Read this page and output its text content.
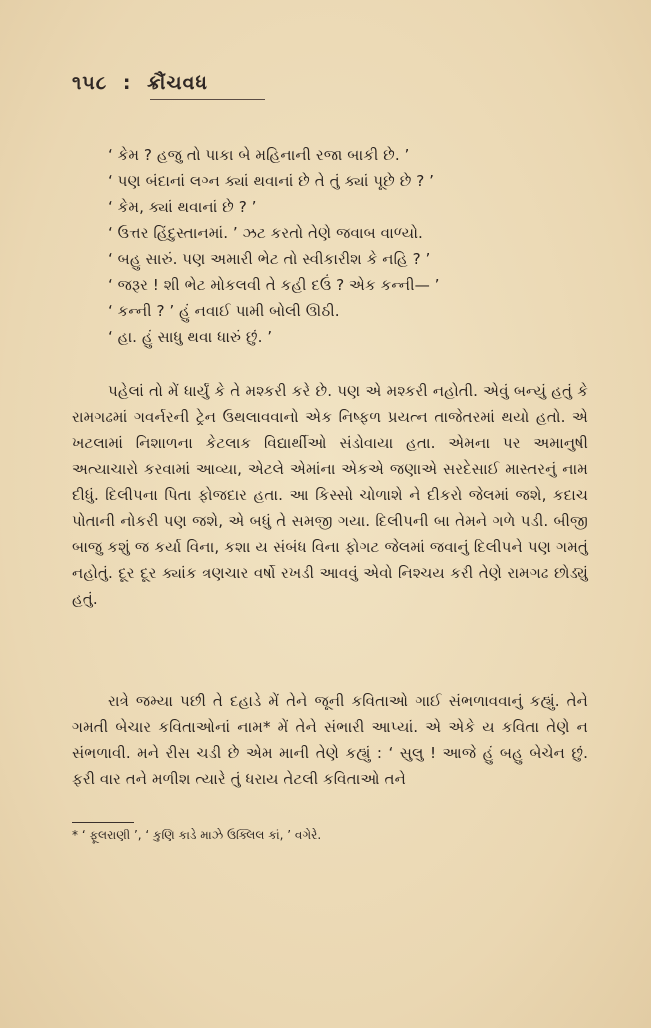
૧૫૮ : ક્રૌંચવધ

‘ કેમ ? હજુ તો પાકા બે મહિનાની રજા બાકી છે. ’

‘ પણ બંદાનાં લગ્ન ક્યાં થવાનાં છે તે તું ક્યાં પૂછે છે ? ’

‘ કેમ, ક્યાં થવાનાં છે ? ’

‘ ઉત્તર હિંદુસ્તાનમાં. ’ ઝટ કરતો તેણે જવાબ વાળ્યો.

‘ બહુ સારું. પણ અમારી ભેટ તો સ્વીકારીશ કે નહિ ? ’

‘ જરૂર ! શી ભેટ મોકલવી તે કહી દઉં ? એક કન્ની— ’

‘ કન્ની ? ’ હું નવાઈ પામી બોલી ઊઠી.

‘ હા. હું સાધુ થવા ધારું છું. ’

પહેલાં તો મેં ધાર્યું કે તે મશ્કરી કરે છે. પણ એ મશ્કરી નહોતી. એવું બન્યું હતું કે રામગઢમાં ગવર્નરની ટ્રેન ઉથલાવવાનો એક નિષ્ફળ પ્રયત્ન તાજેતરમાં થયો હતો. એ ખટલામાં નિશાળના કેટલાક વિદ્યાર્થીઓ સંડોવાયા હતા. એમના પર અમાનુષી અત્યાચારો કરવામાં આવ્યા, એટલે એમાંના એકએ જણાએ સરદેસાઈ માસ્તરનું નામ દીધું. દિલીપના પિતા ફોજદાર હતા. આ કિસ્સો ચોળાશે ને દીકરો જેલમાં જશે, કદાચ પોતાની નોકરી પણ જશે, એ બધું તે સમજી ગયા. દિલીપની બા તેમને ગળે પડી. બીજી બાજુ કશું જ કર્યા વિના, કશા ય સંબંધ વિના ફોગટ જેલમાં જવાનું દિલીપને પણ ગમતું નહોતું. દૂર દૂર ક્યાંક ત્રણચાર વર્ષો રખડી આવવું એવો નિશ્ચય કરી તેણે રામગઢ છોડ્યું હતું.

રાત્રે જમ્યા પછી તે દહાડે મેં તેને જૂની કવિતાઓ ગાઈ સંભળાવવાનું કહ્યું. તેને ગમતી બેચાર કવિતાઓનાં નામ* મેં તેને સંભારી આપ્યાં. એ એકે ય કવિતા તેણે ન સંભળાવી. મને રીસ ચડી છે એમ માની તેણે કહ્યું : ‘ સુલુ ! આજે હું બહુ બેચેન છું. ફરી વાર તને મળીશ ત્યારે તું ધરાય તેટલી કવિતાઓ તને

* ‘ ફૂલરાણી ’, ‘ કુણિ કાડે માઝે ઉક્લિલ કાં, ’ વગેરે.
